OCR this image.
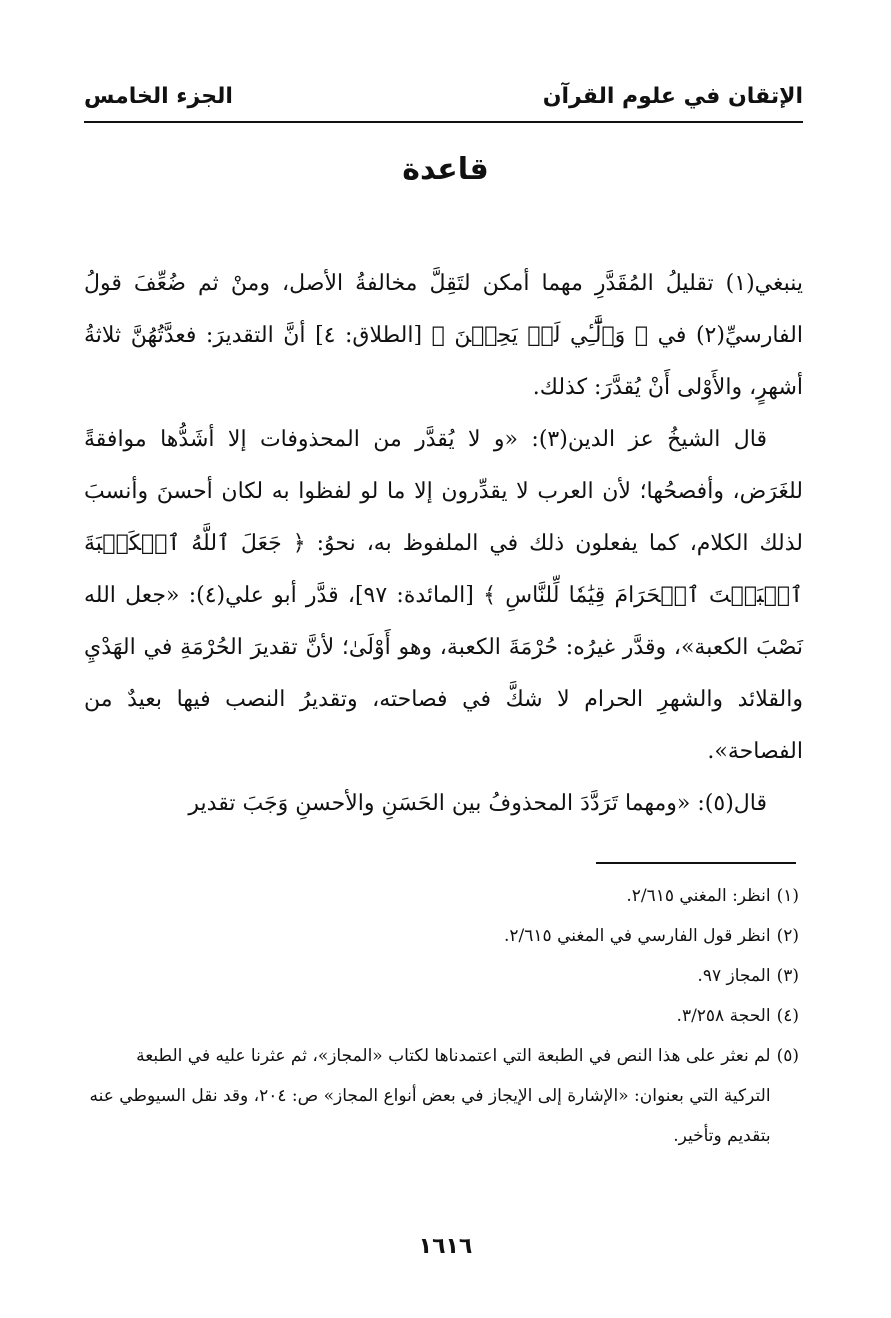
الإتقان في علوم القرآن
الجزء الخامس
قاعدة

ينبغي(١) تقليلُ المُقَدَّرِ مهما أمكن لتَقِلَّ مخالفةُ الأصل، ومنْ ثم ضُعِّفَ قولُ الفارسيِّ(٢) في ﴿ وَٱلَّٰٓـِٔي لَمۡ يَحِضۡنَ ﴾ [الطلاق: ٤] أنَّ التقديرَ: فعدَّتُهُنَّ ثلاثةُ أشهرٍ، والأَوْلى أَنْ يُقدَّرَ: كذلك.

قال الشيخُ عز الدين(٣): «و لا يُقدَّر من المحذوفات إلا أشَدُّها موافقةً للغَرَض، وأفصحُها؛ لأن العرب لا يقدِّرون إلا ما لو لفظوا به لكان أحسنَ وأنسبَ لذلك الكلام، كما يفعلون ذلك في الملفوظ به، نحوُ: ﴿ جَعَلَ ٱللَّهُ ٱلۡكَعۡبَةَ ٱلۡبَيۡتَ ٱلۡحَرَامَ قِيَٰمٗا لِّلنَّاسِ ﴾ [المائدة: ٩٧]، قدَّر أبو علي(٤): «جعل الله نَصْبَ الكعبة»، وقدَّر غيرُه: حُرْمَةَ الكعبة، وهو أَوْلَىٰ؛ لأنَّ تقديرَ الحُرْمَةِ في الهَدْيِ والقلائد والشهرِ الحرام لا شكَّ في فصاحته، وتقديرُ النصب فيها بعيدٌ من الفصاحة».

قال(٥): «ومهما تَرَدَّدَ المحذوفُ بين الحَسَنِ والأحسنِ وَجَبَ تقدير

(١)
انظر: المغني ٢/٦١٥.
(٢)
انظر قول الفارسي في المغني ٢/٦١٥.
(٣)
المجاز ٩٧.
(٤)
الحجة ٣/٢٥٨.
(٥)
لم نعثر على هذا النص في الطبعة التي اعتمدناها لكتاب «المجاز»، ثم عثرنا عليه في الطبعة التركية التي بعنوان: «الإشارة إلى الإيجاز في بعض أنواع المجاز» ص: ٢٠٤، وقد نقل السيوطي عنه بتقديم وتأخير.
١٦١٦
